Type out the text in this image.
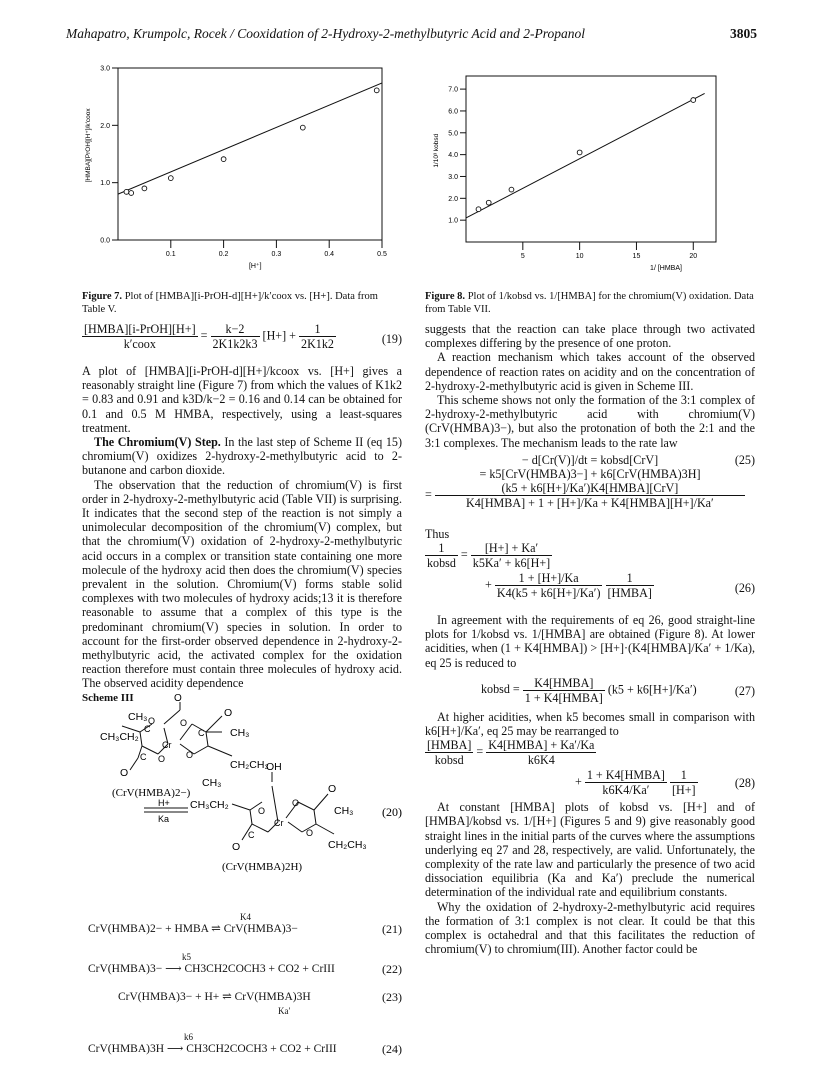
Mahapatro, Krumpolc, Rocek / Cooxidation of 2-Hydroxy-2-methylbutyric Acid and 2-Propanol	3805
0.1	0.2	0.3	0.4	0.5
0.0
1.0
2.0
3.0
[H⁺]
[HMBA][PrOH][H⁺]/k′coox
Figure 7. Plot of [HMBA][i-PrOH-d][H+]/k′coox vs. [H+]. Data from Table V.
5	10	15	20
1.0
2.0
3.0
4.0
5.0
6.0
7.0
1/ [HMBA]
1/10³ kobsd
Figure 8. Plot of 1/kobsd vs. 1/[HMBA] for the chromium(V) oxidation. Data from Table VII.
$\frac{\text{[HMBA][i-PrOH][H+]}}{\text{k′coox}} = \frac{k-2}{2K1k2k3} [H+] + \frac{1}{2K1k2}$	(19)

A plot of [HMBA][i-PrOH-d][H+]/kcoox vs. [H+] gives a reasonably straight line (Figure 7) from which the values of K1k2 = 0.83 and 0.91 and k3D/k−2 = 0.16 and 0.14 can be obtained for 0.1 and 0.5 M HMBA, respectively, using a least-squares treatment.

The Chromium(V) Step. In the last step of Scheme II (eq 15) chromium(V) oxidizes 2-hydroxy-2-methylbutyric acid to 2-butanone and carbon dioxide.

The observation that the reduction of chromium(V) is first order in 2-hydroxy-2-methylbutyric acid (Table VII) is surprising. It indicates that the second step of the reaction is not simply a unimolecular decomposition of the chromium(V) complex, but that the chromium(V) oxidation of 2-hydroxy-2-methylbutyric acid occurs in a complex or transition state containing one more molecule of the hydroxy acid then does the chromium(V) species prevalent in the solution. Chromium(V) forms stable solid complexes with two molecules of hydroxy acids;13 it is therefore reasonable to assume that a complex of this type is the predominant chromium(V) species in solution. In order to account for the first-order observed dependence in 2-hydroxy-2-methylbutyric acid, the activated complex for the oxidation reaction therefore must contain three molecules of hydroxy acid. The observed acidity dependence

Scheme III	O
CH₃
CH₃CH₂
C
O
Cr
C O
O
O
C
O
CH₃
O
CH₂CH₃
(CrV(HMBA)2−)
OH
CH₃
CH₃CH₂	O
Cr
C
O
O
O
CH₃
O
CH₂CH₃
H+
Ka	(20)
(CrV(HMBA)2H)
K4
CrV(HMBA)2− + HMBA ⇌ CrV(HMBA)3−	(21)
k5
CrV(HMBA)3− ⟶ CH3CH2COCH3 + CO2 + CrIII	(22)
CrV(HMBA)3− + H+ ⇌ CrV(HMBA)3H
Ka′
(23)
k6
CrV(HMBA)3H ⟶ CH3CH2COCH3 + CO2 + CrIII	(24)

suggests that the reaction can take place through two activated complexes differing by the presence of one proton.

A reaction mechanism which takes account of the observed dependence of reaction rates on acidity and on the concentration of 2-hydroxy-2-methylbutyric acid is given in Scheme III.

This scheme shows not only the formation of the 3:1 complex of 2-hydroxy-2-methylbutyric acid with chromium(V) (CrV(HMBA)3−), but also the protonation of both the 2:1 and the 3:1 complexes. The mechanism leads to the rate law

− d[Cr(V)]/dt = kobsd[CrV]	(25)
= k5[CrV(HMBA)3−] + k6[CrV(HMBA)3H]
= $\frac{\text{(k5 + k6[H+]/Ka′)K4[HMBA][CrV]}}{\text{K4[HMBA] + 1 + [H+]/Ka + K4[HMBA][H+]/Ka′}}$

Thus

$\frac{1}{\text{kobsd}} = \frac{[H+] + Ka'}{k5Ka' + k6[H+]}$
+ $\frac{1 + [H+]/Ka}{K4(k5 + k6[H+]/Ka')}$
$\frac{1}{\text{[HMBA]}}$	(26)

In agreement with the requirements of eq 26, good straight-line plots for 1/kobsd vs. 1/[HMBA] are obtained (Figure 8). At lower acidities, when (1 + K4[HMBA]) > [H+]·(K4[HMBA]/Ka′ + 1/Ka), eq 25 is reduced to

kobsd = $\frac{\text{K4[HMBA]}}{\text{1 + K4[HMBA]}} (k5 + k6[H+]/Ka')$	(27)

At higher acidities, when k5 becomes small in comparison with k6[H+]/Ka′, eq 25 may be rearranged to

$\frac{\text{[HMBA]}}{\text{kobsd}} = \frac{\text{K4[HMBA] + Ka′/Ka}}{k6K4}$
+ $\frac{\text{1 + K4[HMBA]}}{k6K4/Ka'}$
$\frac{1}{[H+]}$	(28)

At constant [HMBA] plots of kobsd vs. [H+] and of [HMBA]/kobsd vs. 1/[H+] (Figures 5 and 9) give reasonably good straight lines in the initial parts of the curves where the assumptions underlying eq 27 and 28, respectively, are valid. Unfortunately, the complexity of the rate law and particularly the presence of two acid dissociation equilibria (Ka and Ka′) preclude the numerical determination of the individual rate and equilibrium constants.

Why the oxidation of 2-hydroxy-2-methylbutyric acid requires the formation of 3:1 complex is not clear. It could be that this complex is octahedral and that this facilitates the reduction of chromium(V) to chromium(III). Another factor could be
